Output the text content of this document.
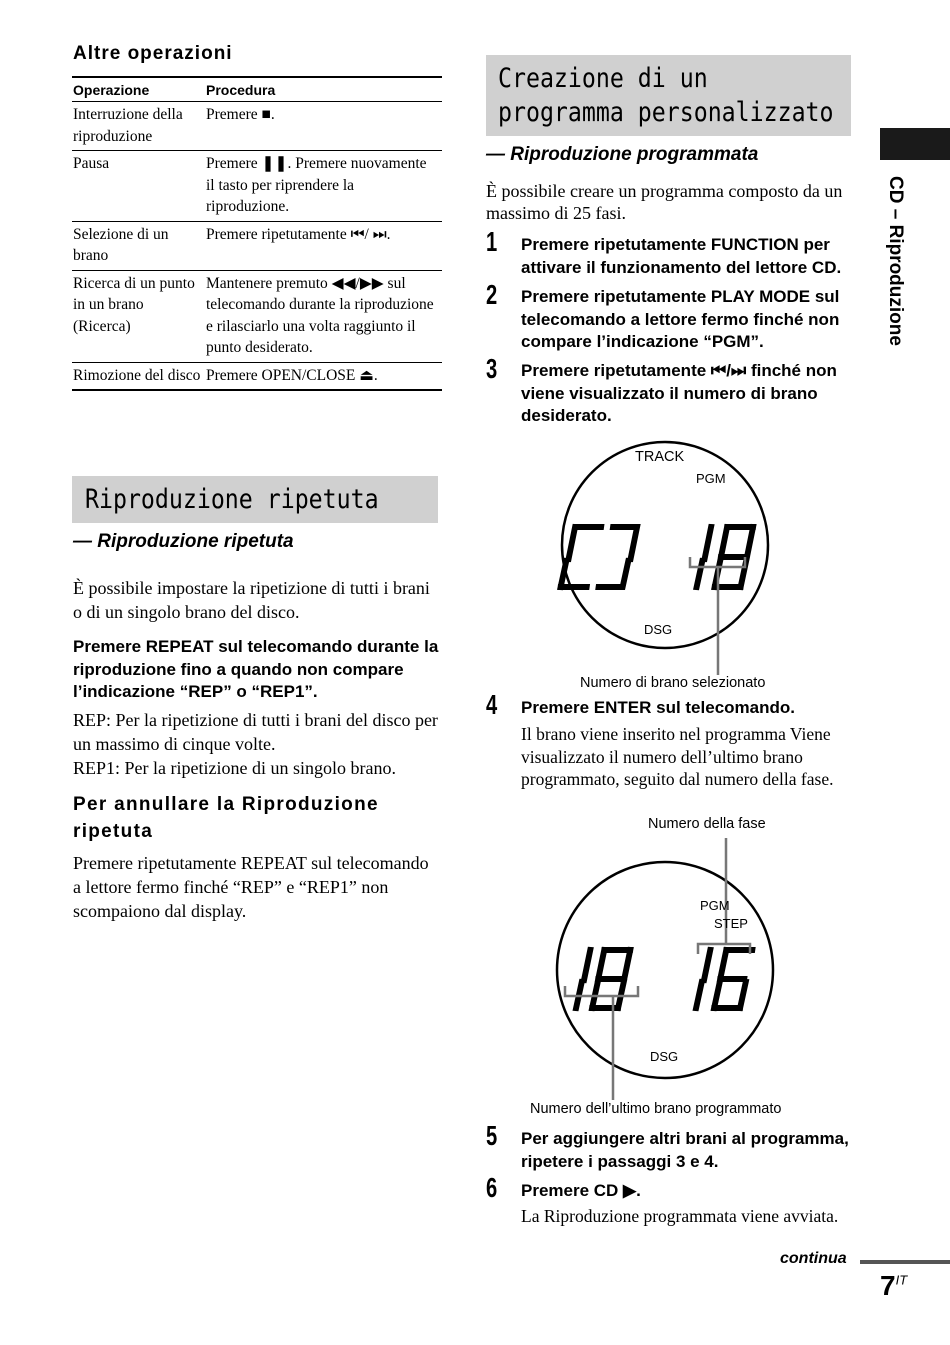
Altre operazioni
Operazione	Procedura
Interruzione della riproduzione	Premere ■.
Pausa	Premere ❚❚. Premere nuovamente il tasto per riprendere la riproduzione.
Selezione di un brano	Premere ripetutamente ⏮/ ⏭.
Ricerca di un punto in un brano (Ricerca)	Mantenere premuto ◀◀/▶▶ sul telecomando durante la riproduzione e rilasciarlo una volta raggiunto il punto desiderato.
Rimozione del disco	Premere OPEN/CLOSE ⏏.
Riproduzione ripetuta
— Riproduzione ripetuta
È possibile impostare la ripetizione di tutti i brani o di un singolo brano del disco.
Premere REPEAT sul telecomando durante la riproduzione fino a quando non compare l’indicazione “REP” o “REP1”.
REP: Per la ripetizione di tutti i brani del disco per un massimo di cinque volte.
REP1: Per la ripetizione di un singolo brano.
Per annullare la Riproduzione ripetuta
Premere ripetutamente REPEAT sul telecomando a lettore fermo finché “REP” e “REP1” non scompaiono dal display.
Creazione di un
programma personalizzato
— Riproduzione programmata
È possibile creare un programma composto da un massimo di 25 fasi.
1 Premere ripetutamente FUNCTION per attivare il funzionamento del lettore CD.
2 Premere ripetutamente PLAY MODE sul telecomando a lettore fermo finché non compare l’indicazione “PGM”.
3 Premere ripetutamente ⏮/⏭ finché non viene visualizzato il numero di brano desiderato.
TRACK
PGM
DSG
Numero di brano selezionato
4 Premere ENTER sul telecomando.
Il brano viene inserito nel programma Viene visualizzato il numero dell’ultimo brano programmato, seguito dal numero della fase.
Numero della fase
PGM
STEP
DSG
Numero dell’ultimo brano programmato
5 Per aggiungere altri brani al programma, ripetere i passaggi 3 e 4.
6 Premere CD ▶.
La Riproduzione programmata viene avviata.
CD – Riproduzione
continua
$7^{IT}$
